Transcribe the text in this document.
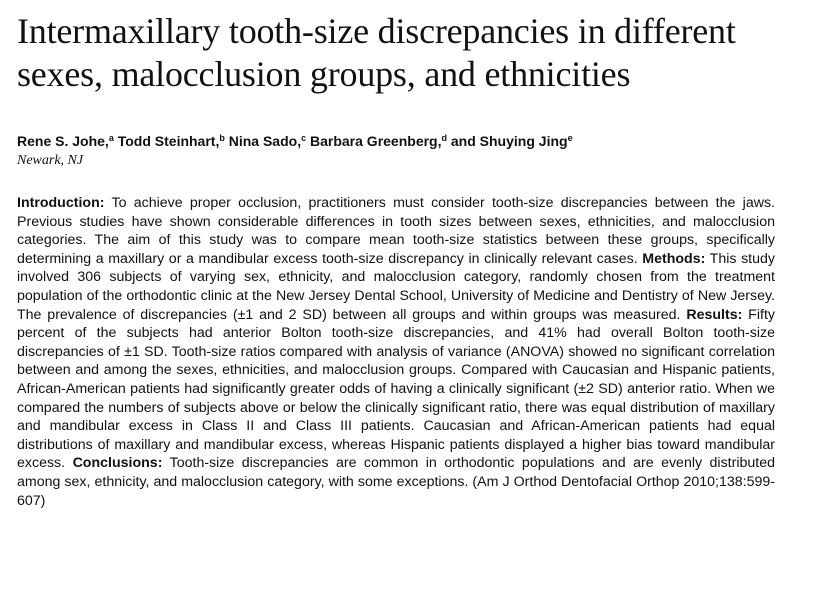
Intermaxillary tooth-size discrepancies in different sexes, malocclusion groups, and ethnicities
Rene S. Johe,$^a$ Todd Steinhart,$^b$ Nina Sado,$^c$ Barbara Greenberg,$^d$ and Shuying Jing$^e$
Newark, NJ

Introduction: To achieve proper occlusion, practitioners must consider tooth-size discrepancies between the jaws. Previous studies have shown considerable differences in tooth sizes between sexes, ethnicities, and malocclusion categories. The aim of this study was to compare mean tooth-size statistics between these groups, specifically determining a maxillary or a mandibular excess tooth-size discrepancy in clinically relevant cases. Methods: This study involved 306 subjects of varying sex, ethnicity, and malocclusion category, randomly chosen from the treatment population of the orthodontic clinic at the New Jersey Dental School, University of Medicine and Dentistry of New Jersey. The prevalence of discrepancies (±1 and 2 SD) between all groups and within groups was measured. Results: Fifty percent of the subjects had anterior Bolton tooth-size discrepancies, and 41% had overall Bolton tooth-size discrepancies of ±1 SD. Tooth-size ratios compared with analysis of variance (ANOVA) showed no significant correlation between and among the sexes, ethnicities, and malocclusion groups. Compared with Caucasian and Hispanic patients, African-American patients had significantly greater odds of having a clinically significant (±2 SD) anterior ratio. When we compared the numbers of subjects above or below the clinically significant ratio, there was equal distribution of maxillary and mandibular excess in Class II and Class III patients. Caucasian and African-American patients had equal distributions of maxillary and mandibular excess, whereas Hispanic patients displayed a higher bias toward mandibular excess. Conclusions: Tooth-size discrepancies are common in orthodontic populations and are evenly distributed among sex, ethnicity, and malocclusion category, with some exceptions. (Am J Orthod Dentofacial Orthop 2010;138:599-607)
